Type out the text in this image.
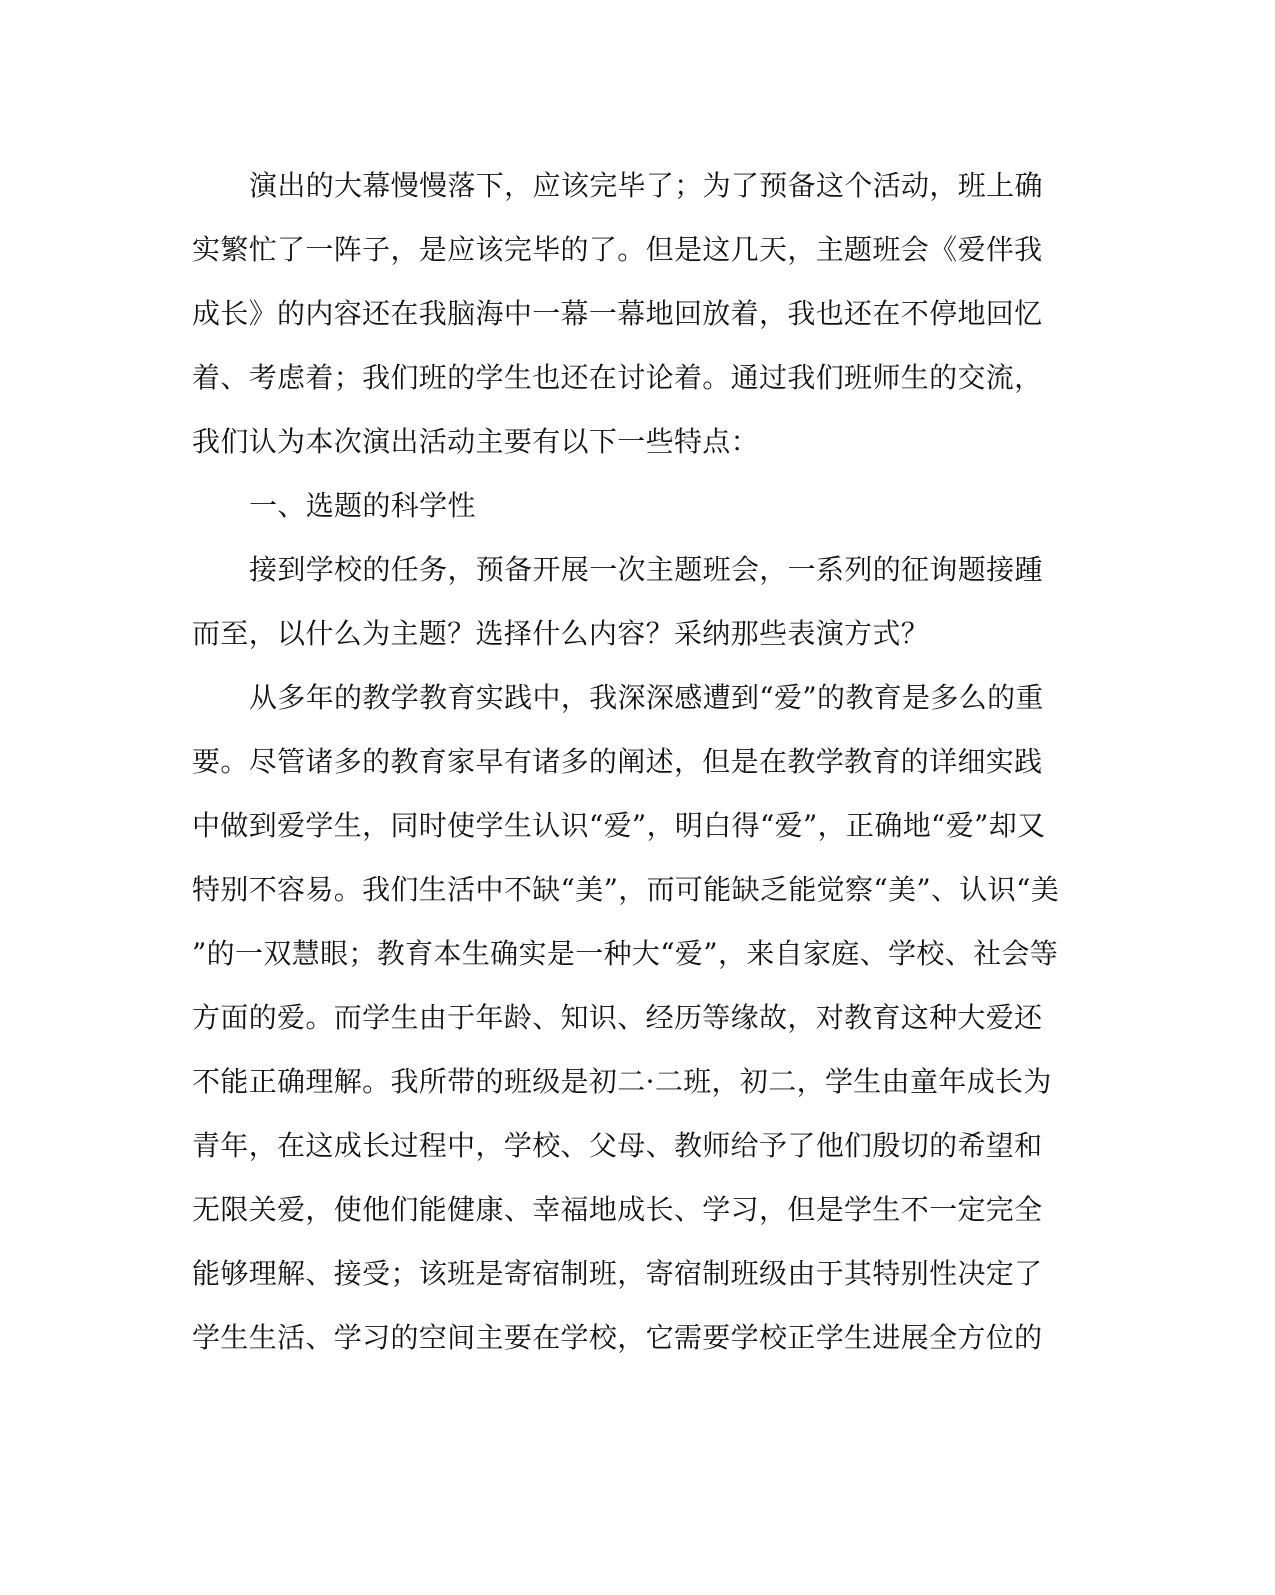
演出的大幕慢慢落下，应该完毕了；为了预备这个活动，班上确
实繁忙了一阵子，是应该完毕的了。但是这几天，主题班会《爱伴我
成长》的内容还在我脑海中一幕一幕地回放着，我也还在不停地回忆
着、考虑着；我们班的学生也还在讨论着。通过我们班师生的交流，
我们认为本次演出活动主要有以下一些特点：
一、选题的科学性
接到学校的任务，预备开展一次主题班会，一系列的征询题接踵
而至，以什么为主题？选择什么内容？采纳那些表演方式？
从多年的教学教育实践中，我深深感遭到“爱”的教育是多么的重
要。尽管诸多的教育家早有诸多的阐述，但是在教学教育的详细实践
中做到爱学生，同时使学生认识“爱”，明白得“爱”，正确地“爱”却又
特别不容易。我们生活中不缺“美”，而可能缺乏能觉察“美”、认识“美
”的一双慧眼；教育本生确实是一种大“爱”，来自家庭、学校、社会等
方面的爱。而学生由于年龄、知识、经历等缘故，对教育这种大爱还
不能正确理解。我所带的班级是初二·二班，初二，学生由童年成长为
青年，在这成长过程中，学校、父母、教师给予了他们殷切的希望和
无限关爱，使他们能健康、幸福地成长、学习，但是学生不一定完全
能够理解、接受；该班是寄宿制班，寄宿制班级由于其特别性决定了
学生生活、学习的空间主要在学校，它需要学校正学生进展全方位的
